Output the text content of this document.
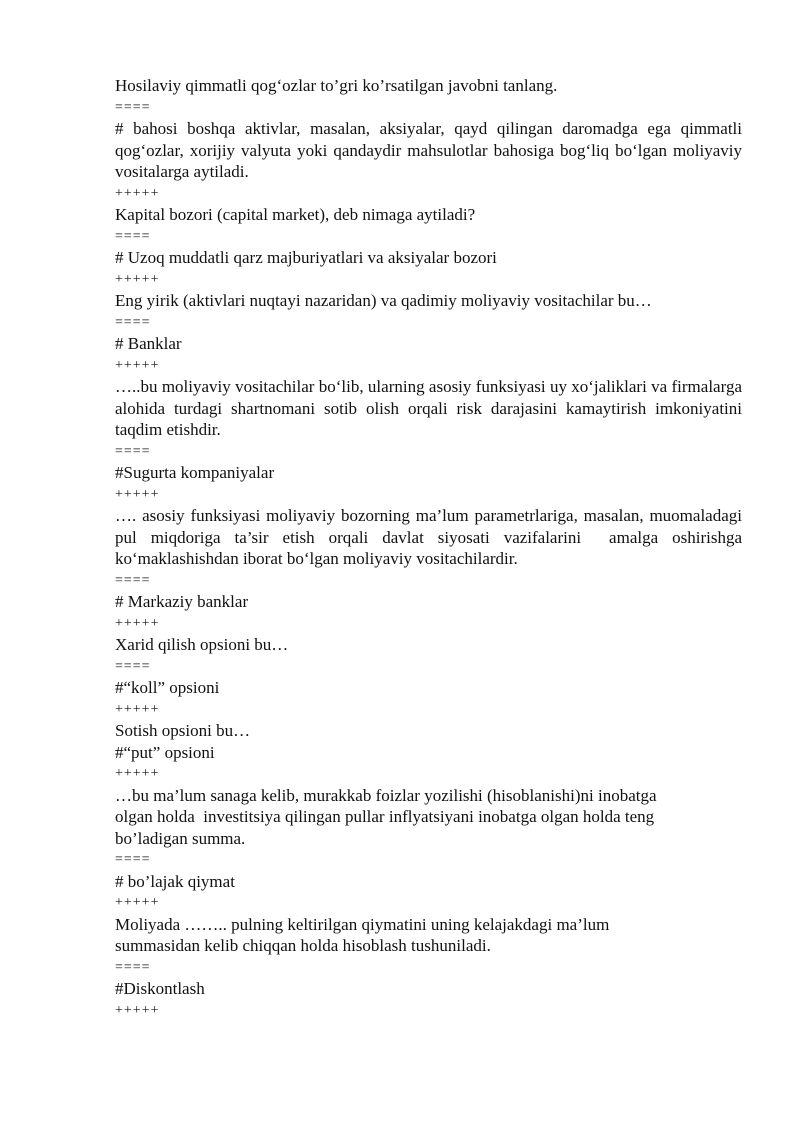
Hosilaviy qimmatli qog‘ozlar to’gri ko’rsatilgan javobni tanlang.

====

# bahosi boshqa aktivlar, masalan, aksiyalar, qayd qilingan daromadga ega qimmatli qog‘ozlar, xorijiy valyuta yoki qandaydir mahsulotlar bahosiga bog‘liq bo‘lgan moliyaviy vositalarga aytiladi.

+++++

Kapital bozori (capital market), deb nimaga aytiladi?

====

# Uzoq muddatli qarz majburiyatlari va aksiyalar bozori

+++++

Eng yirik (aktivlari nuqtayi nazaridan) va qadimiy moliyaviy vositachilar bu…

====

# Banklar

+++++

…..bu moliyaviy vositachilar bo‘lib, ularning asosiy funksiyasi uy xo‘jaliklari va firmalarga alohida turdagi shartnomani sotib olish orqali risk darajasini kamaytirish imkoniyatini taqdim etishdir.

====

#Sugurta kompaniyalar

+++++

…. asosiy funksiyasi moliyaviy bozorning ma’lum parametrlariga, masalan, muomaladagi pul miqdoriga ta’sir etish orqali davlat siyosati vazifalarini  amalga oshirishga ko‘maklashishdan iborat bo‘lgan moliyaviy vositachilardir.

====

# Markaziy banklar

+++++

Xarid qilish opsioni bu…

====

#“koll” opsioni

+++++

Sotish opsioni bu…

#“put” opsioni

+++++

…bu ma’lum sanaga kelib, murakkab foizlar yozilishi (hisoblanishi)ni inobatga
olgan holda  investitsiya qilingan pullar inflyatsiyani inobatga olgan holda teng
bo’ladigan summa.

====

# bo’lajak qiymat

+++++

Moliyada …….. pulning keltirilgan qiymatini uning kelajakdagi ma’lum
summasidan kelib chiqqan holda hisoblash tushuniladi.

====

#Diskontlash

+++++
